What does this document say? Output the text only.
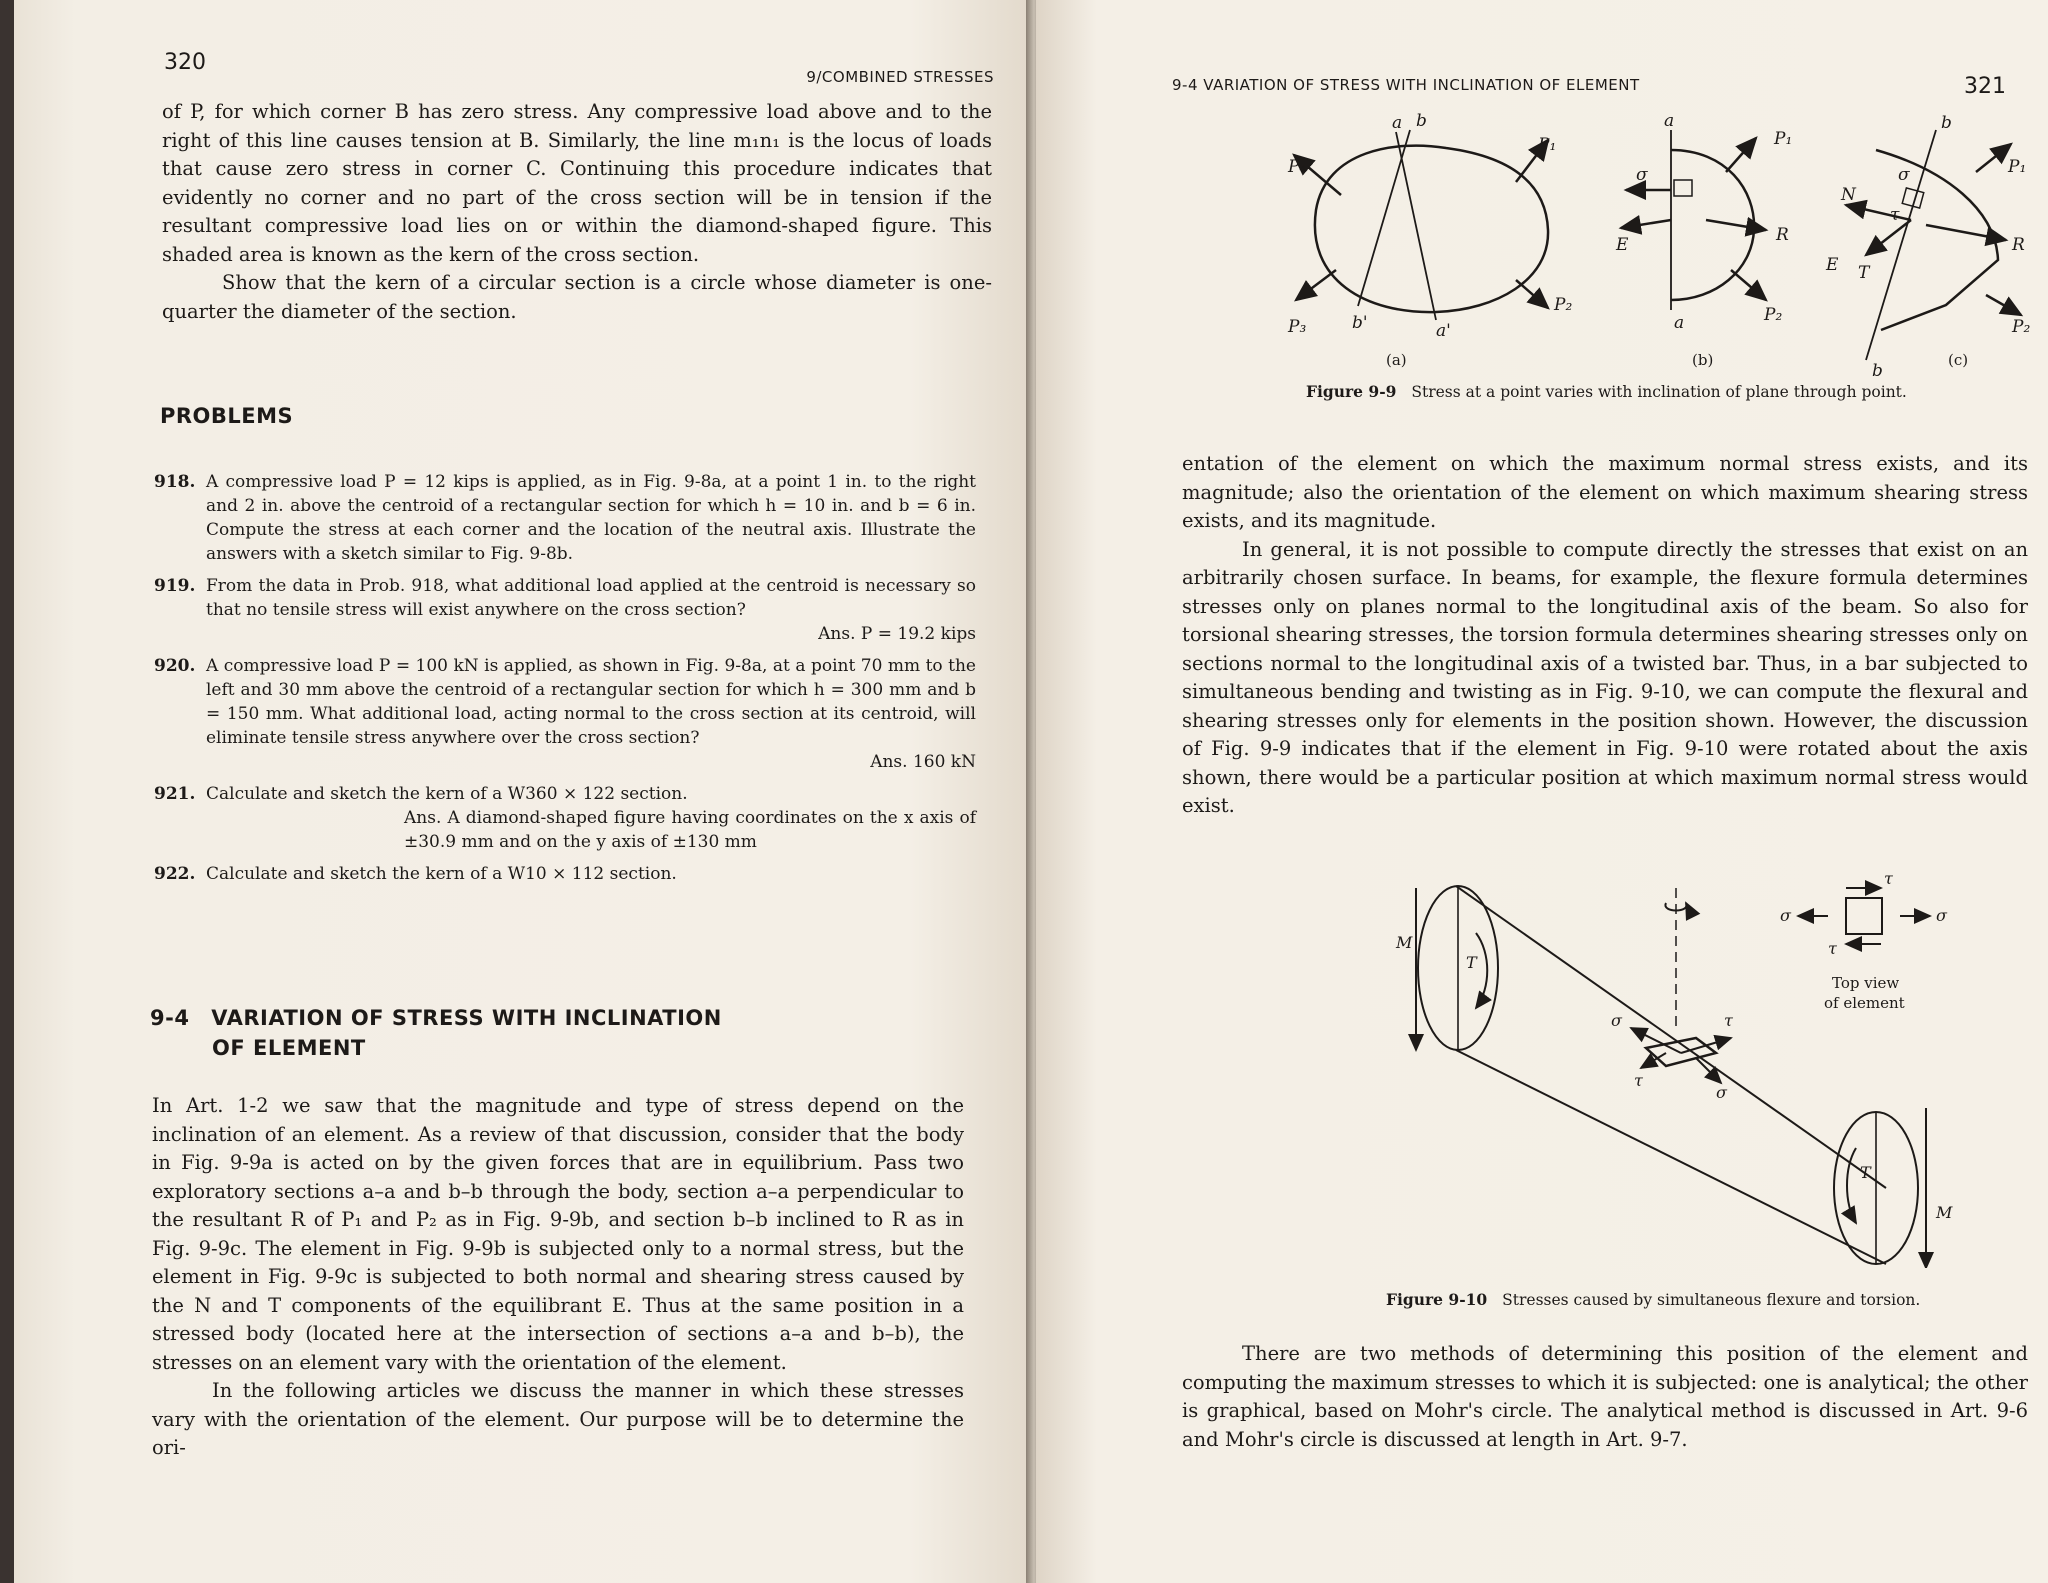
320
9/COMBINED STRESSES

of P, for which corner B has zero stress. Any compressive load above and to the right of this line causes tension at B. Similarly, the line m₁n₁ is the locus of loads that cause zero stress in corner C. Continuing this procedure indicates that evidently no corner and no part of the cross section will be in tension if the resultant compressive load lies on or within the diamond-shaped figure. This shaded area is known as the kern of the cross section.

Show that the kern of a circular section is a circle whose diameter is one-quarter the diameter of the section.

PROBLEMS
918. A compressive load P = 12 kips is applied, as in Fig. 9-8a, at a point 1 in. to the right and 2 in. above the centroid of a rectangular section for which h = 10 in. and b = 6 in. Compute the stress at each corner and the location of the neutral axis. Illustrate the answers with a sketch similar to Fig. 9-8b.
919. From the data in Prob. 918, what additional load applied at the centroid is necessary so that no tensile stress will exist anywhere on the cross section?
Ans. P = 19.2 kips
920. A compressive load P = 100 kN is applied, as shown in Fig. 9-8a, at a point 70 mm to the left and 30 mm above the centroid of a rectangular section for which h = 300 mm and b = 150 mm. What additional load, acting normal to the cross section at its centroid, will eliminate tensile stress anywhere over the cross section?
Ans. 160 kN
921. Calculate and sketch the kern of a W360 × 122 section.
Ans. A diamond-shaped figure having coordinates on the x axis of ±30.9 mm and on the y axis of ±130 mm
922. Calculate and sketch the kern of a W10 × 112 section.
9-4 VARIATION OF STRESS WITH INCLINATION
OF ELEMENT

In Art. 1-2 we saw that the magnitude and type of stress depend on the inclination of an element. As a review of that discussion, consider that the body in Fig. 9-9a is acted on by the given forces that are in equilibrium. Pass two exploratory sections a–a and b–b through the body, section a–a perpendicular to the resultant R of P₁ and P₂ as in Fig. 9-9b, and section b–b inclined to R as in Fig. 9-9c. The element in Fig. 9-9b is subjected only to a normal stress, but the element in Fig. 9-9c is subjected to both normal and shearing stress caused by the N and T components of the equilibrant E. Thus at the same position in a stressed body (located here at the intersection of sections a–a and b–b), the stresses on an element vary with the orientation of the element.

In the following articles we discuss the manner in which these stresses vary with the orientation of the element. Our purpose will be to determine the ori-

9-4 VARIATION OF STRESS WITH INCLINATION OF ELEMENT	321
P₄
P₁
P₃
P₂
a b
b'	a'
a
σ
P₁
R
E
P₂
a
b
σ
τ
N
T
E
P₁
R
P₂
b
(a)	(b)	(c)
Figure 9-9 Stress at a point varies with inclination of plane through point.

entation of the element on which the maximum normal stress exists, and its magnitude; also the orientation of the element on which maximum shearing stress exists, and its magnitude.

In general, it is not possible to compute directly the stresses that exist on an arbitrarily chosen surface. In beams, for example, the flexure formula determines stresses only on planes normal to the longitudinal axis of the beam. So also for torsional shearing stresses, the torsion formula determines shearing stresses only on sections normal to the longitudinal axis of a twisted bar. Thus, in a bar subjected to simultaneous bending and twisting as in Fig. 9-10, we can compute the flexural and shearing stresses only for elements in the position shown. However, the discussion of Fig. 9-9 indicates that if the element in Fig. 9-10 were rotated about the axis shown, there would be a particular position at which maximum normal stress would exist.

M
M
T
T
σ
σ
τ
τ
σ	σ
τ
τ
Top view
of element
Figure 9-10 Stresses caused by simultaneous flexure and torsion.

There are two methods of determining this position of the element and computing the maximum stresses to which it is subjected: one is analytical; the other is graphical, based on Mohr's circle. The analytical method is discussed in Art. 9-6 and Mohr's circle is discussed at length in Art. 9-7.
